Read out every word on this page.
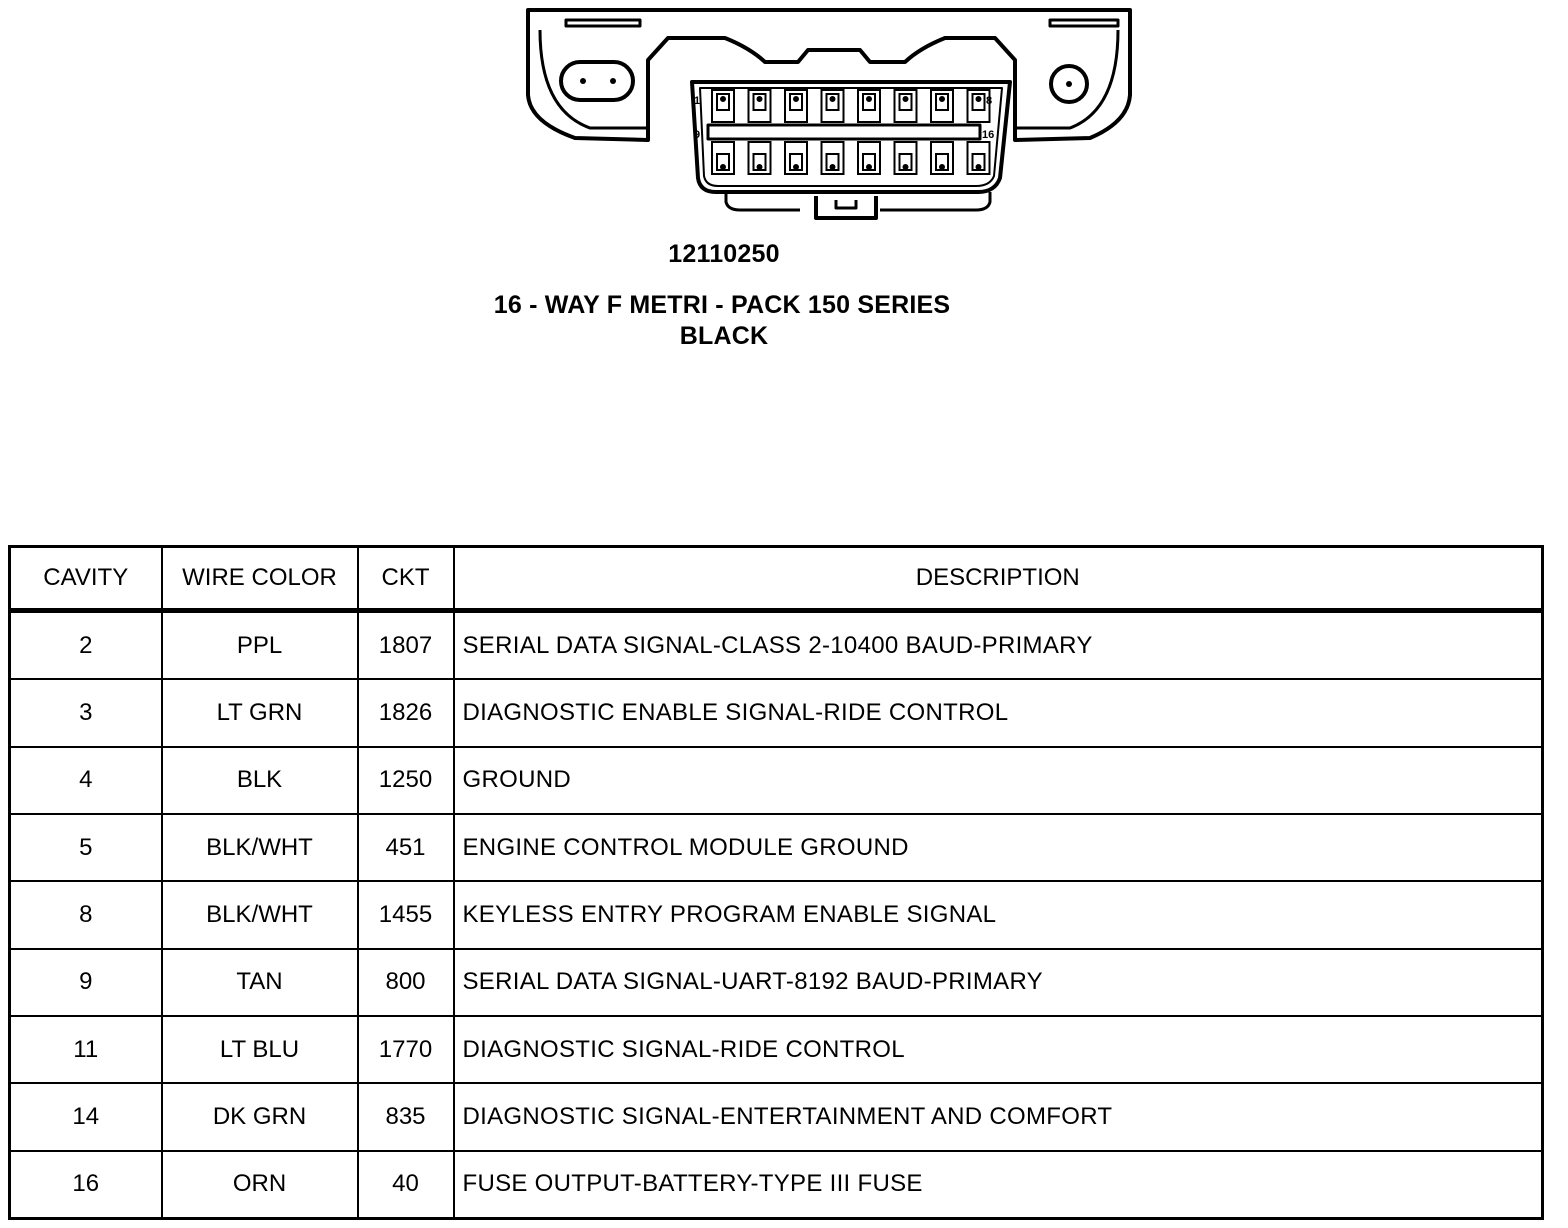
1	8
9	16
12110250
16 - WAY F METRI - PACK 150 SERIES
BLACK
CAVITY	WIRE COLOR	CKT	DESCRIPTION
2	PPL	1807	SERIAL DATA SIGNAL-CLASS 2-10400 BAUD-PRIMARY
3	LT GRN	1826	DIAGNOSTIC ENABLE SIGNAL-RIDE CONTROL
4	BLK	1250	GROUND
5	BLK/WHT	451	ENGINE CONTROL MODULE GROUND
8	BLK/WHT	1455	KEYLESS ENTRY PROGRAM ENABLE SIGNAL
9	TAN	800	SERIAL DATA SIGNAL-UART-8192 BAUD-PRIMARY
11	LT BLU	1770	DIAGNOSTIC SIGNAL-RIDE CONTROL
14	DK GRN	835	DIAGNOSTIC SIGNAL-ENTERTAINMENT AND COMFORT
16	ORN	40	FUSE OUTPUT-BATTERY-TYPE III FUSE
